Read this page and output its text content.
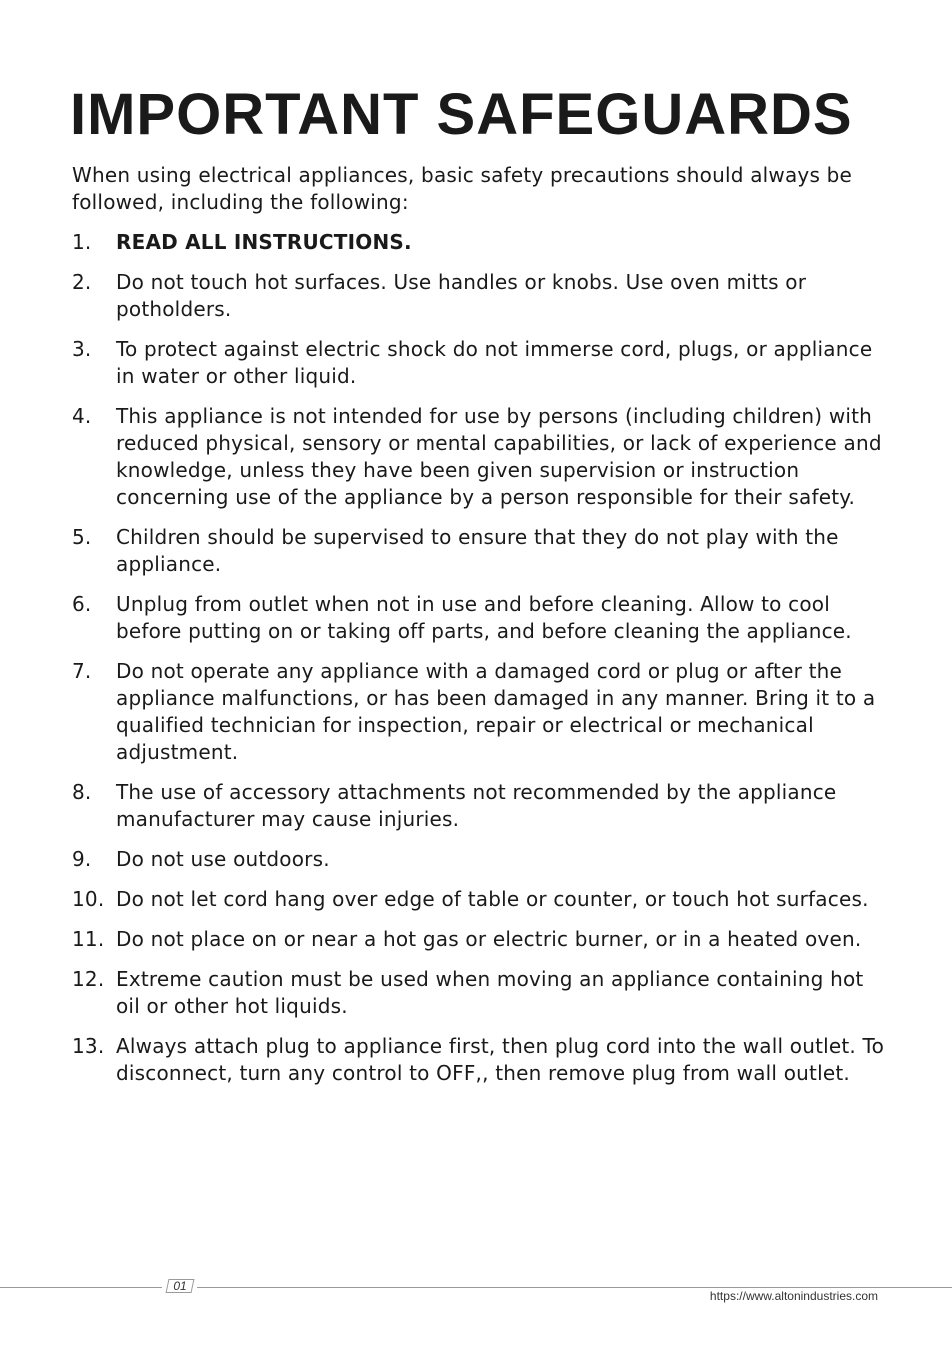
IMPORTANT SAFEGUARDS

When using electrical appliances, basic safety precautions should always be followed, including the following:

1.	READ ALL INSTRUCTIONS.
2.	Do not touch hot surfaces. Use handles or knobs. Use oven mitts or potholders.
3.	To protect against electric shock do not immerse cord, plugs, or appliance in water or other liquid.
4.	This appliance is not intended for use by persons (including children) with reduced physical, sensory or mental capabilities, or lack of experience and knowledge, unless they have been given supervision or instruction concerning use of the appliance by a person responsible for their safety.
5.	Children should be supervised to ensure that they do not play with the appliance.
6.	Unplug from outlet when not in use and before cleaning. Allow to cool before putting on or taking off parts, and before cleaning the appliance.
7.	Do not operate any appliance with a damaged cord or plug or after the appliance malfunctions, or has been damaged in any manner. Bring it to a qualified technician for inspection, repair or electrical or mechanical adjustment.
8.	The use of accessory attachments not recommended by the appliance manufacturer may cause injuries.
9.	Do not use outdoors.
10. Do not let cord hang over edge of table or counter, or touch hot surfaces.
11. Do not place on or near a hot gas or electric burner, or in a heated oven.
12. Extreme caution must be used when moving an appliance containing hot oil or other hot liquids.
13. Always attach plug to appliance first, then plug cord into the wall outlet. To disconnect, turn any control to OFF,, then remove plug from wall outlet.
01
https://www.altonindustries.com
